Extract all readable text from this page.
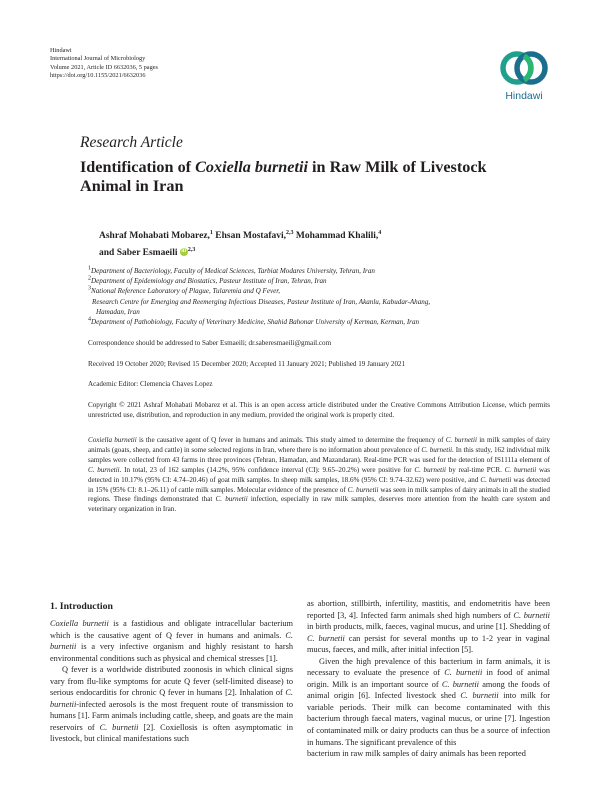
Hindawi
International Journal of Microbiology
Volume 2021, Article ID 6632036, 5 pages
https://doi.org/10.1155/2021/6632036
Hindawi
Research Article
Identification of Coxiella burnetii in Raw Milk of Livestock Animal in Iran
Ashraf Mohabati Mobarez,$^1$ Ehsan Mostafavi,$^{2,3}$ Mohammad Khalili,$^4$
and Saber Esmaeili iD $^{2,3}$
$^1$Department of Bacteriology, Faculty of Medical Sciences, Tarbiat Modares University, Tehran, Iran
$^2$Department of Epidemiology and Biostatics, Pasteur Institute of Iran, Tehran, Iran
$^3$National Reference Laboratory of Plague, Tularemia and Q Fever,
Research Centre for Emerging and Reemerging Infectious Diseases, Pasteur Institute of Iran, Akanlu, Kabudar-Ahang,
Hamadan, Iran
$^4$Department of Pathobiology, Faculty of Veterinary Medicine, Shahid Bahonar University of Kerman, Kerman, Iran
Correspondence should be addressed to Saber Esmaeili; dr.saberesmaeili@gmail.com
Received 19 October 2020; Revised 15 December 2020; Accepted 11 January 2021; Published 19 January 2021
Academic Editor: Clemencia Chaves Lopez
Copyright © 2021 Ashraf Mohabati Mobarez et al. This is an open access article distributed under the Creative Commons Attribution License, which permits unrestricted use, distribution, and reproduction in any medium, provided the original work is properly cited.
Coxiella burnetii is the causative agent of Q fever in humans and animals. This study aimed to determine the frequency of C. burnetii in milk samples of dairy animals (goats, sheep, and cattle) in some selected regions in Iran, where there is no information about prevalence of C. burnetii. In this study, 162 individual milk samples were collected from 43 farms in three provinces (Tehran, Hamadan, and Mazandaran). Real-time PCR was used for the detection of IS1111a element of C. burnetii. In total, 23 of 162 samples (14.2%, 95% confidence interval (CI): 9.65–20.2%) were positive for C. burnetii by real-time PCR. C. burnetii was detected in 10.17% (95% CI: 4.74–20.46) of goat milk samples. In sheep milk samples, 18.6% (95% CI: 9.74–32.62) were positive, and C. burnetii was detected in 15% (95% CI: 8.1–26.11) of cattle milk samples. Molecular evidence of the presence of C. burnetii was seen in milk samples of dairy animals in all the studied regions. These findings demonstrated that C. burnetii infection, especially in raw milk samples, deserves more attention from the health care system and veterinary organization in Iran.
1. Introduction

Coxiella burnetii is a fastidious and obligate intracellular bacterium which is the causative agent of Q fever in humans and animals. C. burnetii is a very infective organism and highly resistant to harsh environmental conditions such as physical and chemical stresses [1].

Q fever is a worldwide distributed zoonosis in which clinical signs vary from flu-like symptoms for acute Q fever (self-limited disease) to serious endocarditis for chronic Q fever in humans [2]. Inhalation of C. burnetii-infected aerosols is the most frequent route of transmission to humans [1]. Farm animals including cattle, sheep, and goats are the main reservoirs of C. burnetii [2]. Coxiellosis is often asymptomatic in livestock, but clinical manifestations such

as abortion, stillbirth, infertility, mastitis, and endometritis have been reported [3, 4]. Infected farm animals shed high numbers of C. burnetii in birth products, milk, faeces, vaginal mucus, and urine [1]. Shedding of C. burnetii can persist for several months up to 1-2 year in vaginal mucus, faeces, and milk, after initial infection [5].

Given the high prevalence of this bacterium in farm animals, it is necessary to evaluate the presence of C. burnetii in food of animal origin. Milk is an important source of C. burnetii among the foods of animal origin [6]. Infected livestock shed C. burnetii into milk for variable periods. Their milk can become contaminated with this bacterium through faecal maters, vaginal mucus, or urine [7]. Ingestion of contaminated milk or dairy products can thus be a source of infection in humans. The significant prevalence of this

bacterium in raw milk samples of dairy animals has been reported
